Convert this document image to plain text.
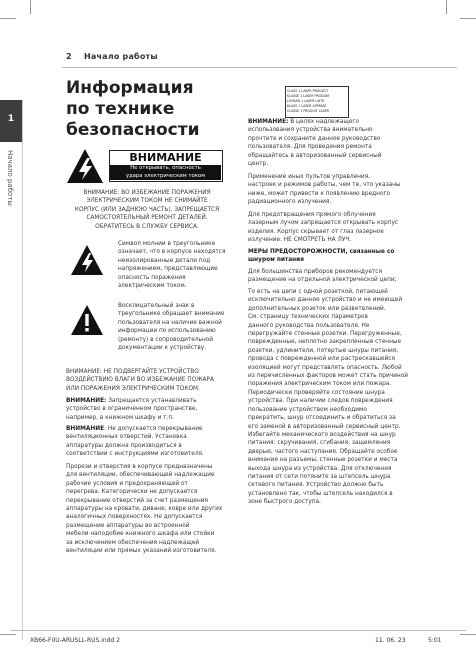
2 Начало работы
1
Начало работы
Информация
по технике
безопасности
ВНИМАНИЕ
Не открывать, опасность
удара электрическим током
ВНИМАНИЕ: ВО ИЗБЕЖАНИЕ ПОРАЖЕНИЯ
ЭЛЕКТРИЧЕСКИМ ТОКОМ НЕ СНИМАЙТЕ
КОРПУС (ИЛИ ЗАДНЮЮ ЧАСТЬ). ЗАПРЕЩАЕТСЯ
САМОСТОЯТЕЛЬНЫЙ РЕМОНТ ДЕТАЛЕЙ.
ОБРАТИТЕСЬ В СЛУЖБУ СЕРВИСА.
Символ молнии в треугольнике
означает, что в корпусе находятся
неизолированные детали под
напряжением, представляющие
опасность поражения
электрическим током.
Восклицательный знак в
треугольнике обращает внимание
пользователя на наличие важной
информации по использованию
(ремонту) в сопроводительной
документации к устройству.
ВНИМАНИЕ: НЕ ПОДВЕРГАЙТЕ УСТРОЙСТВО
ВОЗДЕЙСТВИЮ ВЛАГИ ВО ИЗБЕЖАНИЕ ПОЖАРА
ИЛИ ПОРАЖЕНИЯ ЭЛЕКТРИЧЕСКИМ ТОКОМ.
ВНИМАНИЕ: Запрещается устанавливать
устройство в ограниченном пространстве,
например, в книжном шкафу и т.п.
ВНИМАНИЕ: Не допускается перекрывание
вентиляционных отверстий. Установка
аппаратуры должна производиться в
соответствии с инструкциями изготовителя.
Прорези и отверстия в корпусе предназначены
для вентиляции, обеспечивающей надлежащие
рабочие условия и предохраняющей от
перегрева. Категорически не допускается
перекрывание отверстий за счет размещения
аппаратуры на кровати, диване, ковре или других
аналогичных поверхностях. Не допускается
размещение аппаратуры во встроенной
мебели наподобие книжного шкафа или стойки
за исключением обеспечения надлежащей
вентиляции или прямых указаний изготовителя.
CLASS 1 LASER PRODUCT
KLASSE 1 LASER PRODUKT
LUOKAN 1 LASER LAITE
KLASS 1 LASER APPARAT
CLASSE 1 PRODUIT LASER
ВНИМАНИЕ: В целях надлежащего
использования устройства внимательно
прочтите и сохраните данное руководство
пользователя. Для проведения ремонта
обращайтесь в авторизованный сервисный
центр.
Применение иных пультов управления,
настроек и режимов работы, чем те, что указаны
ниже, может привести к появлению вредного
радиационного излучения.
Для предотвращения прямого облучения
лазерным лучом запрещается открывать корпус
изделия. Корпус скрывает от глаз лазерное
излучение. НЕ СМОТРЕТЬ НА ЛУЧ.
МЕРЫ ПРЕДОСТОРОЖНОСТИ, связанные со
шнуром питания
Для большинства приборов рекомендуется
размещение на отдельной электрической цепи;
То есть на цепи с одной розеткой, питающей
исключительно данное устройство и не имеющей
дополнительных розеток или разветвлений.
См. страницу технических параметров
данного руководства пользователя. Не
перегружайте стенные розетки. Перегруженные,
поврежденные, неплотно закрепленные стенные
розетки, удлинители, потертые шнуры питания,
провода с поврежденной или растрескавшейся
изоляцией могут представлять опасность. Любой
из перечисленных факторов может стать причиной
поражения электрическим током или пожара.
Периодически проверяйте состояние шнура
устройства. При наличии следов повреждения
пользование устройством необходимо
прекратить, шнур отсоединить и обратиться за
его заменой в авторизованный сервисный центр.
Избегайте механического воздействия на шнур
питания: скручивания, сгибания, защемления
дверью, частого наступания. Обращайте особое
внимание на разъемы, стенные розетки и места
выхода шнура из устройства. Для отключения
питания от сети потяните за штепсель шнура
сетевого питания. Устройство должно быть
установлено так, чтобы штепсель находился в
зоне быстрого доступа.
XB66-F0U-ARUSLL-RUS.indd 2	11. 06. 23	5:01
